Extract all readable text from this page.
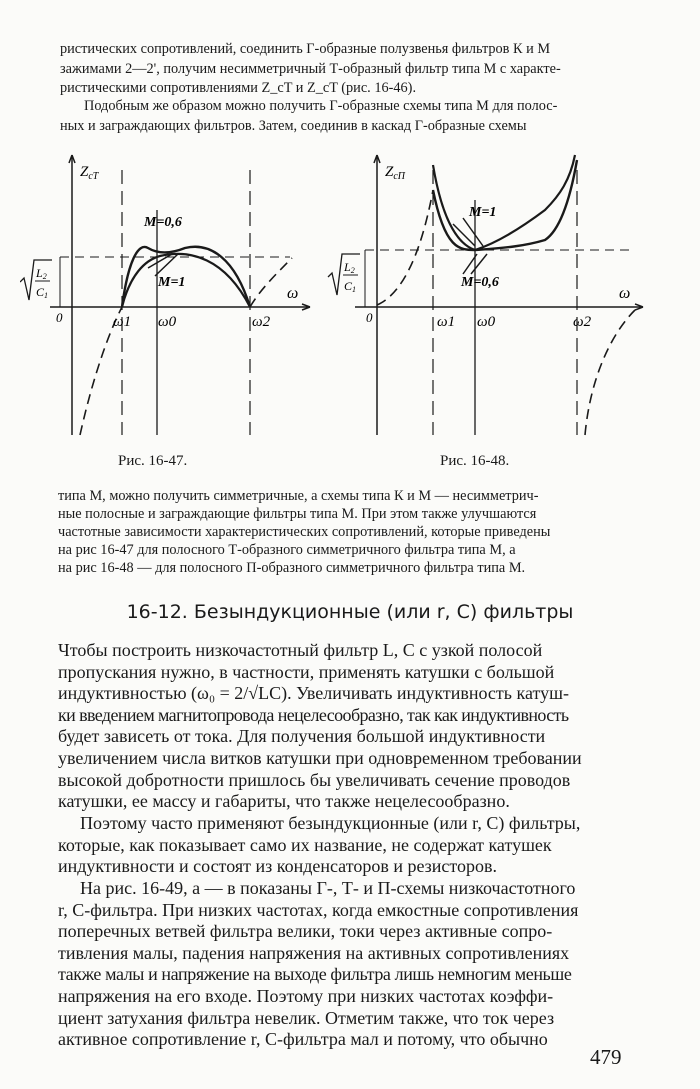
ристических сопротивлений, соединить Г-образные полузвенья фильтров К и М
зажимами 2—2', получим несимметричный Т-образный фильтр типа М с характе-
ристическими сопротивлениями Z_cT и Z_cT (рис. 16-46).
Подобным же образом можно получить Г-образные схемы типа М для полос-
ных и заграждающих фильтров. Затем, соединив в каскад Г-образные схемы
$Z_{cT}$
ω
0	ω1 ω0	ω2
M=0,6
M=1
L2
C1
Рис. 16-47.
$Z_{cП}$
ω
0	ω1 ω0	ω2
M=1
M=0,6
L2
C1
Рис. 16-48.
типа М, можно получить симметричные, а схемы типа К и М — несимметрич-
ные полосные и заграждающие фильтры типа М. При этом также улучшаются
частотные зависимости характеристических сопротивлений, которые приведены
на рис 16-47 для полосного Т-образного симметричного фильтра типа М, а
на рис 16-48 — для полосного П-образного симметричного фильтра типа М.
16-12. Безындукционные (или r, C) фильтры
Чтобы построить низкочастотный фильтр L, C с узкой полосой
пропускания нужно, в частности, применять катушки с большой
индуктивностью (ω₀ = 2/√LC). Увеличивать индуктивность катуш-
ки введением магнитопровода нецелесообразно, так как индуктивность
будет зависеть от тока. Для получения большой индуктивности
увеличением числа витков катушки при одновременном требовании
высокой добротности пришлось бы увеличивать сечение проводов
катушки, ее массу и габариты, что также нецелесообразно.
Поэтому часто применяют безындукционные (или r, C) фильтры,
которые, как показывает само их название, не содержат катушек
индуктивности и состоят из конденсаторов и резисторов.
На рис. 16-49, а — в показаны Г-, Т- и П-схемы низкочастотного
r, C-фильтра. При низких частотах, когда емкостные сопротивления
поперечных ветвей фильтра велики, токи через активные сопро-
тивления малы, падения напряжения на активных сопротивлениях
также малы и напряжение на выходе фильтра лишь немногим меньше
напряжения на его входе. Поэтому при низких частотах коэффи-
циент затухания фильтра невелик. Отметим также, что ток через
активное сопротивление r, C-фильтра мал и потому, что обычно
479
